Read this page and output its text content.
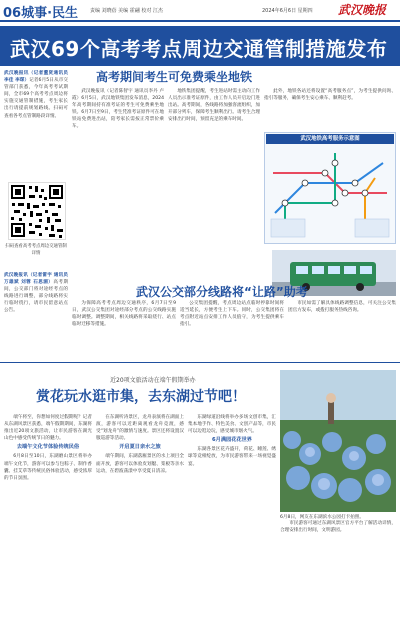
06城事·民生 责编 刘晓蓓 美编 霍翩 校对 江杰	2024年6月6日 星期四 武汉晚报
武汉69个高考考点周边交通管制措施发布
武汉晚报讯（记者董贤通讯员李佳 李琛）记者6月5日从市交管部门获悉，今年高考考试期间，全市69个高考考点周边将实施交通管制措施，考生家长出行请提前规划路线。扫码可查看各考点管制路段详情。
扫码查看高考考点周边交通管制详情
高考期间考生可免费乘坐地铁

武汉晚报讯（记者陈智宇 通讯员李丹 卢霞）6月5日，武汉地铁集团发布消息，2024年高考期间持有准考证的考生可免费乘坐地铁。6月7日至9日，考生凭准考证原件可在地铁站免费进出站，陪考家长需按正常票价乘车。

地铁集团提醒，考生进站时需主动向工作人员出示准考证原件，由工作人员开启边门进出站。高考期间，各线路将加强客流组织，加开部分列车，保障考生顺利出行。请考生合理安排出行时间，预留充足的乘车时间。

此外，地铁各站还将设置“高考服务点”，为考生提供问询、指引等服务，确保考生安心乘车、顺利赶考。

武汉地铁高考服务示意图
武汉晚报讯（记者雷宇 通讯员万雄斌 刘蓉 石思湄）高考期间，公交部门将对途经考点的线路进行调整，部分线路将实行临时绕行，请市民留意站点公告。
武汉公交部分线路将“让路”助考

为保障高考考点周边交通秩序，6月7日至9日，武汉公交集团对途经部分考点的公交线路实施临时调整。调整期间，相关线路将采取绕行、站点临时迁移等措施。

公交集团提醒，考点周边站点临时停靠时间将适当延长，方便考生上下车。同时，公交集团将在考点附近站点安排工作人员值守，为考生提供乘车指引。

市民如需了解具体线路调整信息，可关注公交集团官方发布，或拨打服务热线咨询。

近20项文旅活动在端午假期举办
赏花玩水逛市集，去东湖过节吧！

端午将至，你想如何度过假期呢？记者从东湖风景区获悉，端午假期期间，东湖将推出近20项文旅活动，让市民游客在湖光山色中感受传统节日的魅力。

去端午文化节体验传统民俗

6月8日至10日，东湖磨山景区将举办端午文化节，游客可以参与包粽子、制作香囊、挂艾草等传统民俗体验活动，感受浓厚的节日氛围。

在东湖听涛景区，龙舟表演将在湖面上演，游客可以近距离观看龙舟竞渡，感受“划龙舟”的激情与速度。景区还将设置汉服巡游等活动。

开启夏日亲水之旅

端午期间，东湖落雁景区的水上项目全面开放，游客可以体验皮划艇、桨板等亲水运动，在碧波荡漾中享受夏日清凉。

东湖绿道沿线将举办多场文创市集，汇集本地手作、特色美食、文创产品等，市民可以边逛边玩，感受城市烟火气。

6月满园花花世界

东湖各景区花卉盛开，荷花、睡莲、绣球等竞相绽放，为市民游客带来一场视觉盛宴。

6月8日，网友在东湖滨水公园打卡拍照。

市民游客可通过东湖风景区官方平台了解活动详情，合理安排出行时间，文明游园。
